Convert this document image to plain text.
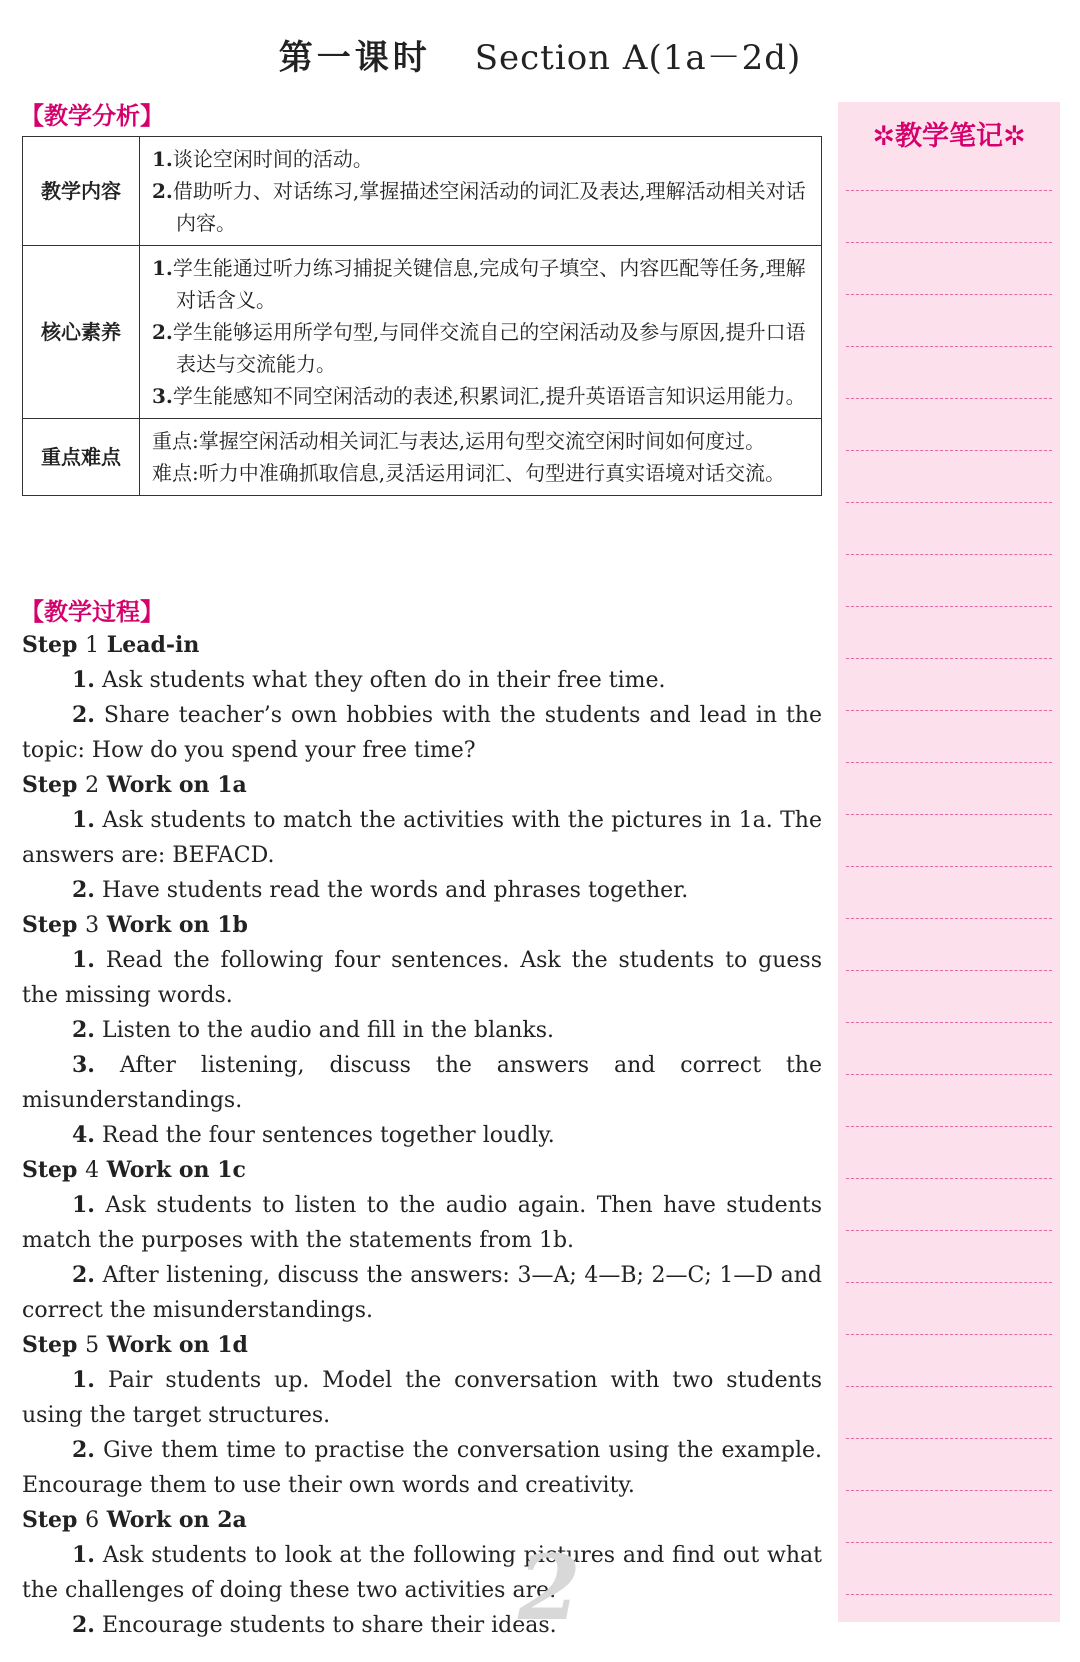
第一课时 Section A(1a－2d)
【教学分析】
教学内容	1.谈论空闲时间的活动。
2.借助听力、对话练习,掌握描述空闲活动的词汇及表达,理解活动相关对话内容。

核心素养	1.学生能通过听力练习捕捉关键信息,完成句子填空、内容匹配等任务,理解对话含义。
2.学生能够运用所学句型,与同伴交流自己的空闲活动及参与原因,提升口语表达与交流能力。
3.学生能感知不同空闲活动的表述,积累词汇,提升英语语言知识运用能力。

重点难点	重点:掌握空闲活动相关词汇与表达,运用句型交流空闲时间如何度过。
难点:听力中准确抓取信息,灵活运用词汇、句型进行真实语境对话交流。
【教学过程】
Step 1 Lead-in
1. Ask students what they often do in their free time.
2. Share teacher’s own hobbies with the students and lead in the topic: How do you spend your free time?
Step 2 Work on 1a
1. Ask students to match the activities with the pictures in 1a. The answers are: BEFACD.
2. Have students read the words and phrases together.
Step 3 Work on 1b
1. Read the following four sentences. Ask the students to guess the missing words.
2. Listen to the audio and fill in the blanks.
3. After listening, discuss the answers and correct the misunderstandings.
4. Read the four sentences together loudly.
Step 4 Work on 1c
1. Ask students to listen to the audio again. Then have students match the purposes with the statements from 1b.
2. After listening, discuss the answers: 3—A; 4—B; 2—C; 1—D and correct the misunderstandings.
Step 5 Work on 1d
1. Pair students up. Model the conversation with two students using the target structures.
2. Give them time to practise the conversation using the example. Encourage them to use their own words and creativity.
Step 6 Work on 2a
1. Ask students to look at the following pictures and find out what the challenges of doing these two activities are.
2. Encourage students to share their ideas.
✲教学笔记✲
2
